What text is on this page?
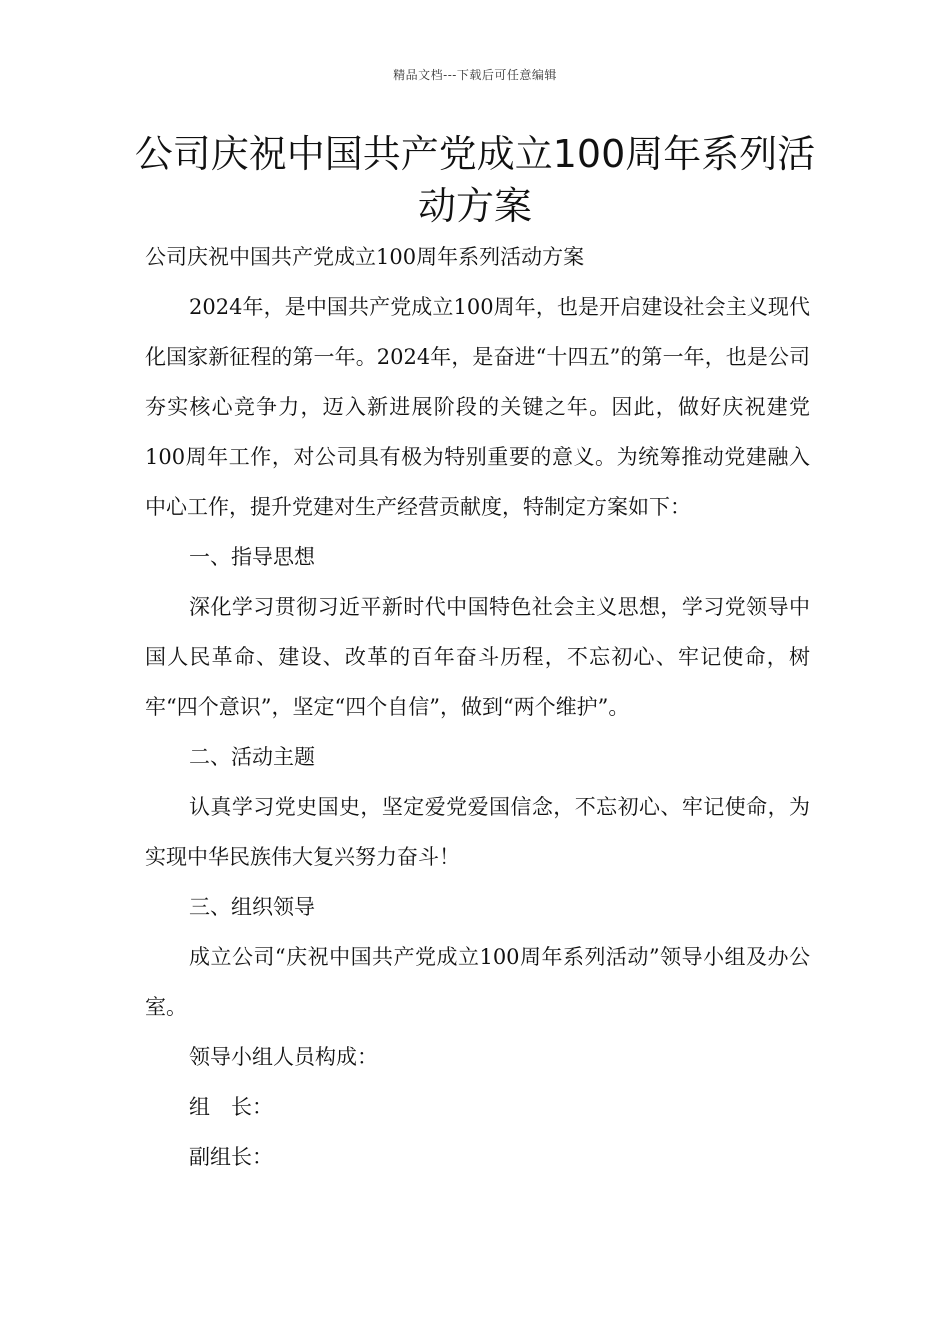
精品文档---下载后可任意编辑
公司庆祝中国共产党成立100周年系列活动方案

公司庆祝中国共产党成立100周年系列活动方案

2024年，是中国共产党成立100周年，也是开启建设社会主义现代化国家新征程的第一年。2024年，是奋进“十四五”的第一年，也是公司夯实核心竞争力，迈入新进展阶段的关键之年。因此，做好庆祝建党100周年工作，对公司具有极为特别重要的意义。为统筹推动党建融入中心工作，提升党建对生产经营贡献度，特制定方案如下：

一、指导思想

深化学习贯彻习近平新时代中国特色社会主义思想，学习党领导中国人民革命、建设、改革的百年奋斗历程，不忘初心、牢记使命，树牢“四个意识”，坚定“四个自信”，做到“两个维护”。

二、活动主题

认真学习党史国史，坚定爱党爱国信念，不忘初心、牢记使命，为实现中华民族伟大复兴努力奋斗！

三、组织领导

成立公司“庆祝中国共产党成立100周年系列活动”领导小组及办公室。

领导小组人员构成：

组　长：

副组长：
